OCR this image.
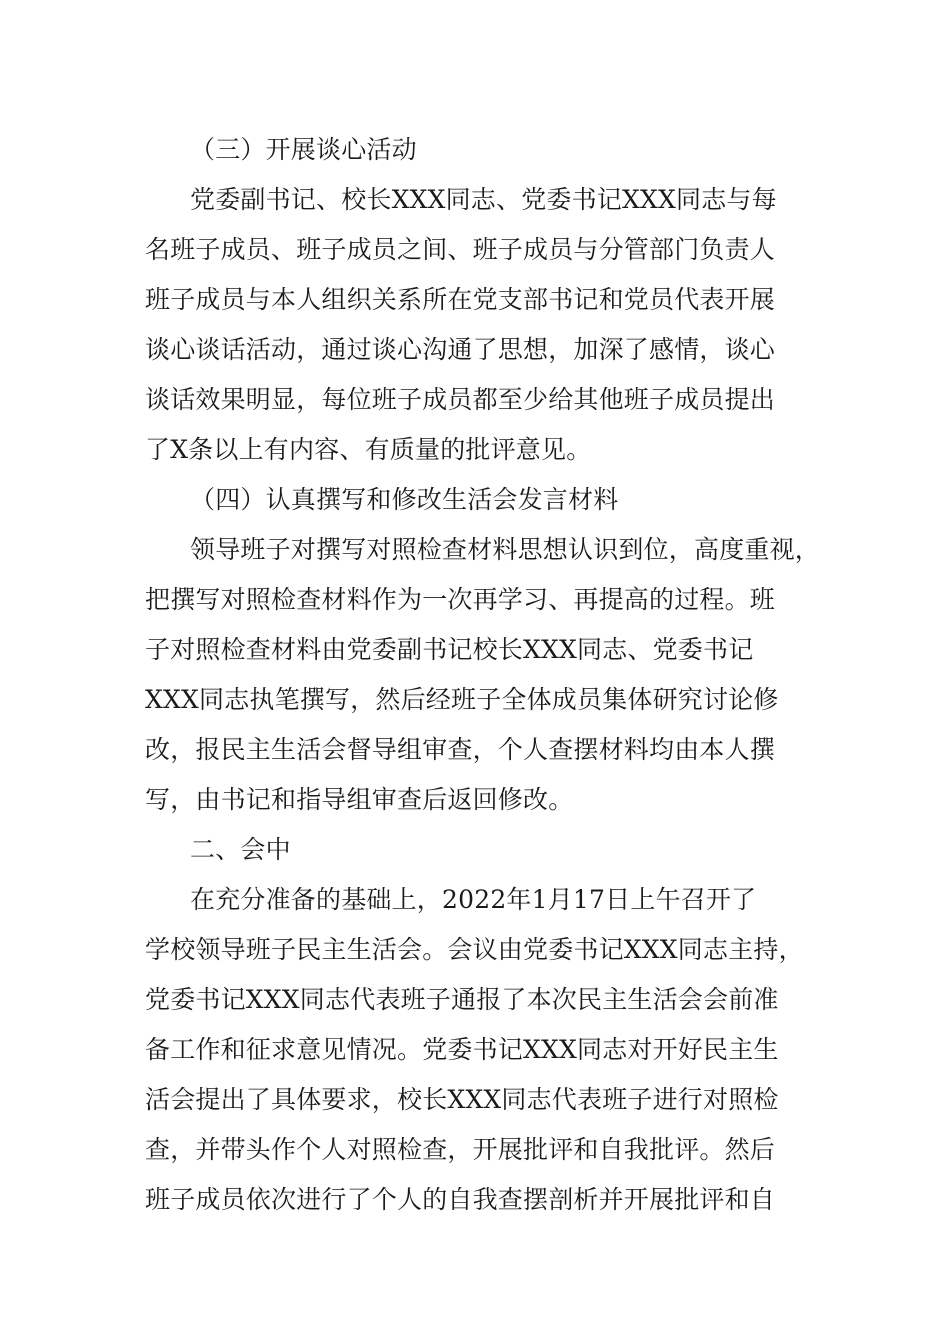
（三）开展谈心活动
党委副书记、校长XXX同志、党委书记XXX同志与每
名班子成员、班子成员之间、班子成员与分管部门负责人
班子成员与本人组织关系所在党支部书记和党员代表开展
谈心谈话活动，通过谈心沟通了思想，加深了感情，谈心
谈话效果明显，每位班子成员都至少给其他班子成员提出
了X条以上有内容、有质量的批评意见。
（四）认真撰写和修改生活会发言材料
领导班子对撰写对照检查材料思想认识到位，高度重视，
把撰写对照检查材料作为一次再学习、再提高的过程。班
子对照检查材料由党委副书记校长XXX同志、党委书记
XXX同志执笔撰写，然后经班子全体成员集体研究讨论修
改，报民主生活会督导组审查，个人查摆材料均由本人撰
写，由书记和指导组审查后返回修改。
二、会中
在充分准备的基础上，2022年1月17日上午召开了
学校领导班子民主生活会。会议由党委书记XXX同志主持，
党委书记XXX同志代表班子通报了本次民主生活会会前准
备工作和征求意见情况。党委书记XXX同志对开好民主生
活会提出了具体要求，校长XXX同志代表班子进行对照检
查，并带头作个人对照检查，开展批评和自我批评。然后
班子成员依次进行了个人的自我查摆剖析并开展批评和自
